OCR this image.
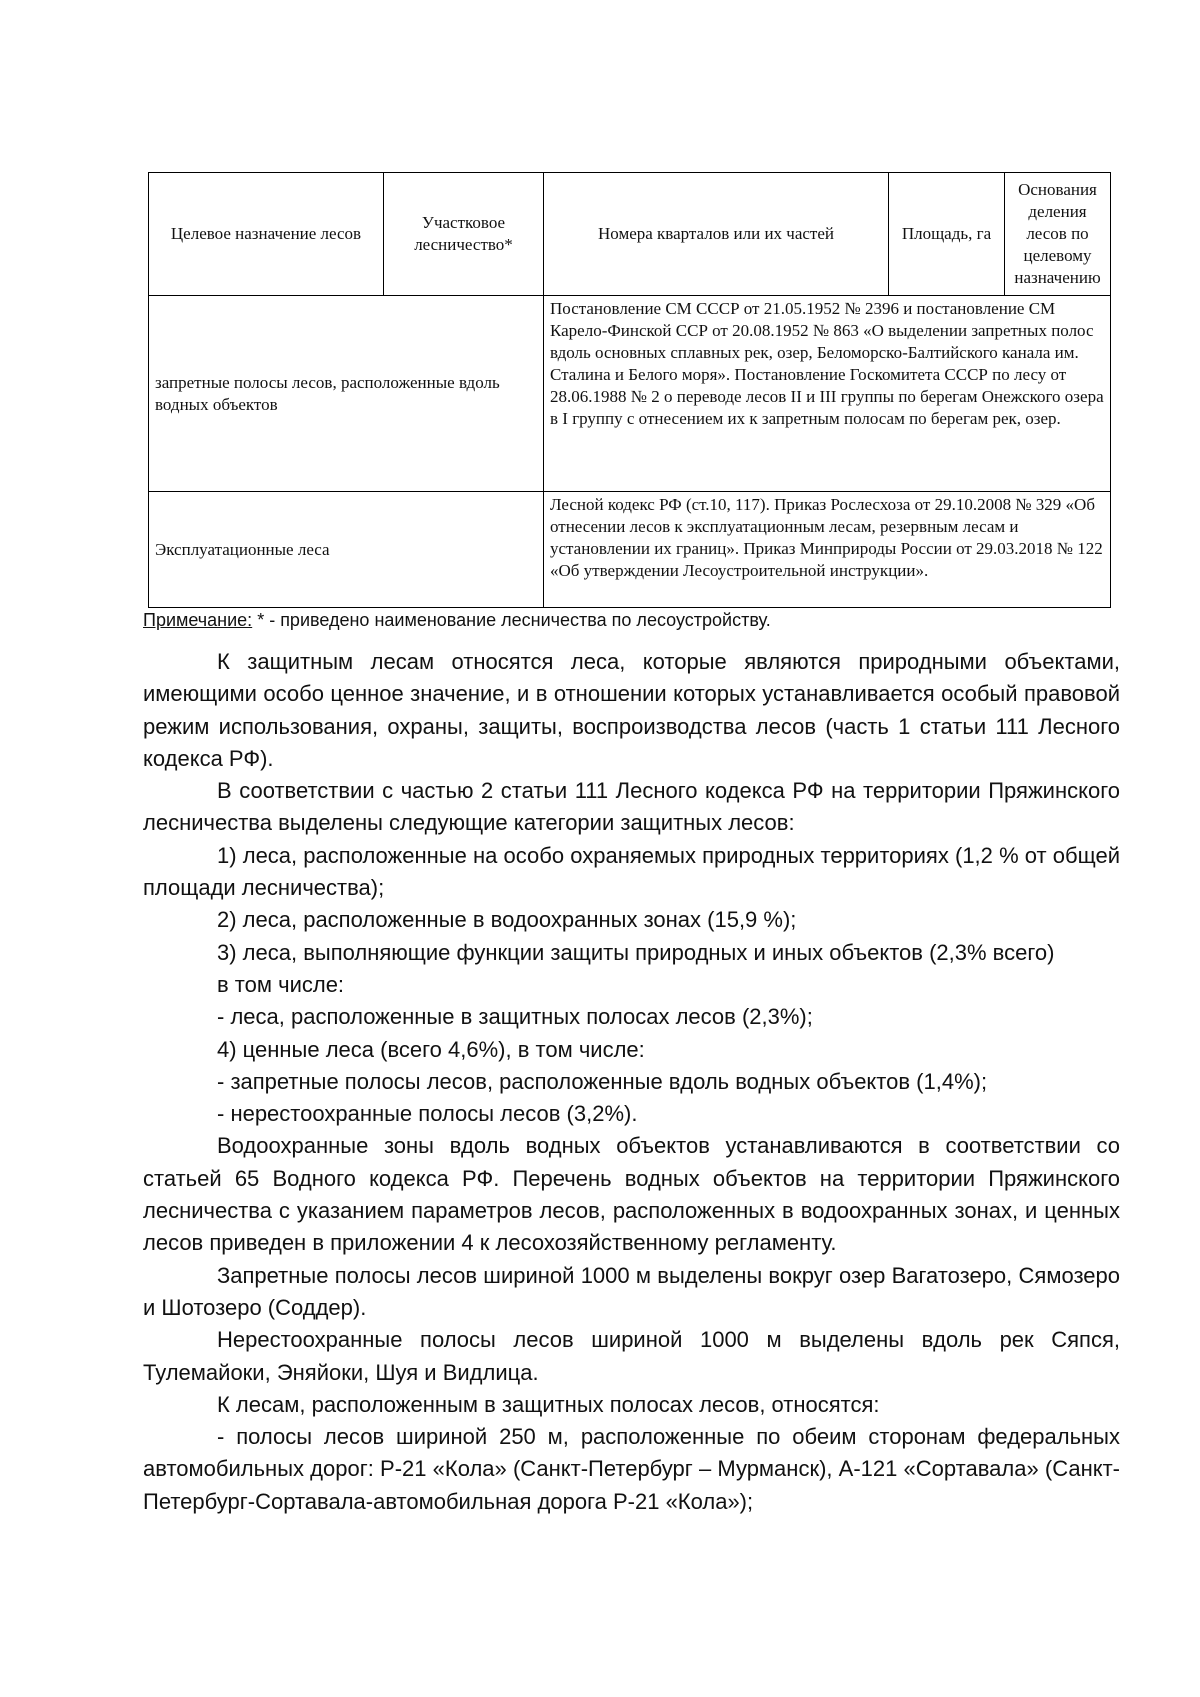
Целевое назначение лесов	Участковое лесничество*	Номера кварталов или их частей	Площадь, га	Основания деления лесов по целевому назначению
запретные полосы лесов, расположенные вдоль водных объектов		Постановление СМ СССР от 21.05.1952 № 2396 и постановление СМ Карело-Финской ССР от 20.08.1952 № 863 «О выделении запретных полос вдоль основных сплавных рек, озер, Беломорско-Балтийского канала им. Сталина и Белого моря». Постановление Госкомитета СССР по лесу от 28.06.1988 № 2 о переводе лесов II и III группы по берегам Онежского озера в I группу с отнесением их к запретным полосам по берегам рек, озер.		
Эксплуатационные леса		Лесной кодекс РФ (ст.10, 117). Приказ Рослесхоза от 29.10.2008 № 329 «Об отнесении лесов к эксплуатационным лесам, резервным лесам и установлении их границ». Приказ Минприроды России от 29.03.2018 № 122 «Об утверждении Лесоустроительной инструкции».		
Примечание: * - приведено наименование лесничества по лесоустройству.

К защитным лесам относятся леса, которые являются природными объектами, имеющими особо ценное значение, и в отношении которых устанавливается особый правовой режим использования, охраны, защиты, воспроизводства лесов (часть 1 статьи 111 Лесного кодекса РФ).

В соответствии с частью 2 статьи 111 Лесного кодекса РФ на территории Пряжинского лесничества выделены следующие категории защитных лесов:

1) леса, расположенные на особо охраняемых природных территориях (1,2 % от общей площади лесничества);

2) леса, расположенные в водоохранных зонах (15,9 %);

3) леса, выполняющие функции защиты природных и иных объектов (2,3% всего)

в том числе:

- леса, расположенные в защитных полосах лесов (2,3%);

4) ценные леса (всего 4,6%), в том числе:

- запретные полосы лесов, расположенные вдоль водных объектов (1,4%);

- нерестоохранные полосы лесов (3,2%).

Водоохранные зоны вдоль водных объектов устанавливаются в соответствии со статьей 65 Водного кодекса РФ. Перечень водных объектов на территории Пряжинского лесничества с указанием параметров лесов, расположенных в водоохранных зонах, и ценных лесов приведен в приложении 4 к лесохозяйственному регламенту.

Запретные полосы лесов шириной 1000 м выделены вокруг озер Вагатозеро, Сямозеро и Шотозеро (Соддер).

Нерестоохранные полосы лесов шириной 1000 м выделены вдоль рек Сяпся, Тулемайоки, Эняйоки, Шуя и Видлица.

К лесам, расположенным в защитных полосах лесов, относятся:

- полосы лесов шириной 250 м, расположенные по обеим сторонам федеральных автомобильных дорог: Р-21 «Кола» (Санкт-Петербург – Мурманск), А-121 «Сортавала» (Санкт-Петербург-Сортавала-автомобильная дорога Р-21 «Кола»);
